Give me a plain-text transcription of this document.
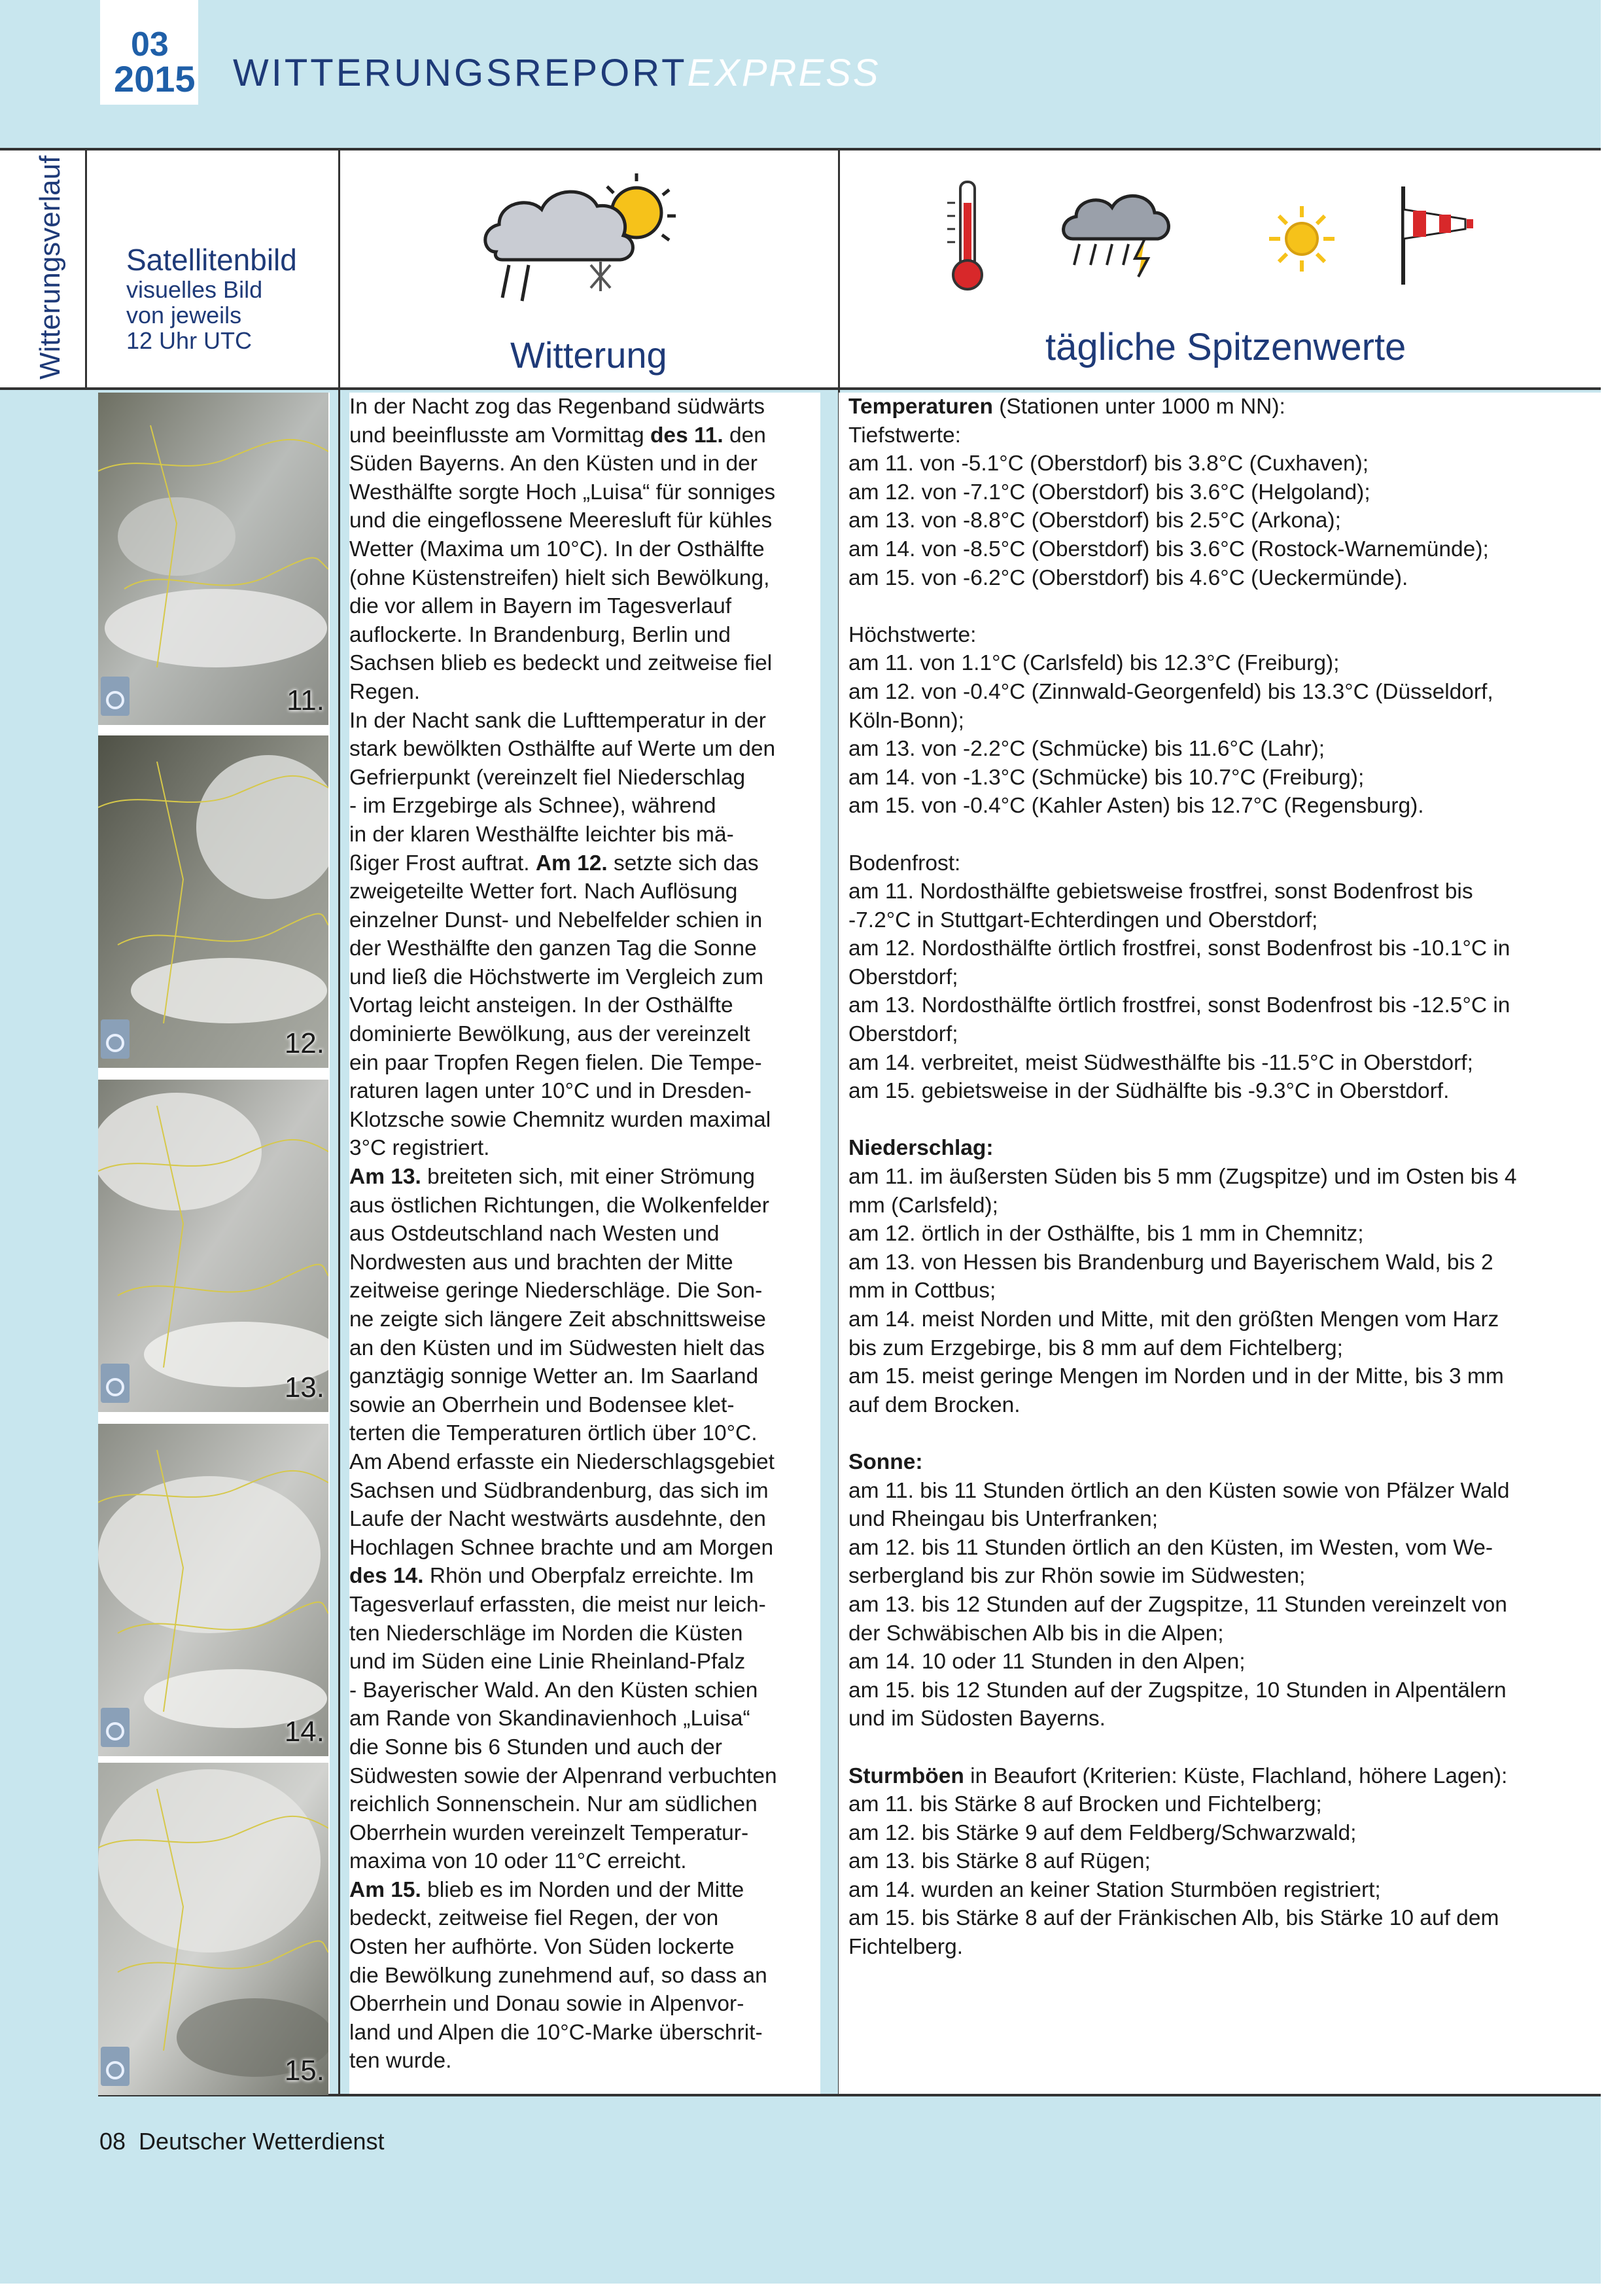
03
2015 WITTERUNGSREPORTEXPRESS
Witterungsverlauf Satellitenbild
visuelles Bild
von jeweils
12 Uhr UTC	Witterung	tägliche Spitzenwerte
11.
12.
13.
14.
15.

In der Nacht zog das Regenband südwärts

und beeinflusste am Vormittag des 11. den

Süden Bayerns. An den Küsten und in der

Westhälfte sorgte Hoch „Luisa“ für sonniges

und die eingeflossene Meeresluft für kühles

Wetter (Maxima um 10°C). In der Osthälfte

(ohne Küstenstreifen) hielt sich Bewölkung,

die vor allem in Bayern im Tagesverlauf

auflockerte. In Brandenburg, Berlin und

Sachsen blieb es bedeckt und zeitweise fiel

Regen.

In der Nacht sank die Lufttemperatur in der

stark bewölkten Osthälfte auf Werte um den

Gefrierpunkt (vereinzelt fiel Niederschlag

- im Erzgebirge als Schnee), während

in der klaren Westhälfte leichter bis mä-

ßiger Frost auftrat. Am 12. setzte sich das

zweigeteilte Wetter fort. Nach Auflösung

einzelner Dunst- und Nebelfelder schien in

der Westhälfte den ganzen Tag die Sonne

und ließ die Höchstwerte im Vergleich zum

Vortag leicht ansteigen. In der Osthälfte

dominierte Bewölkung, aus der vereinzelt

ein paar Tropfen Regen fielen. Die Tempe-

raturen lagen unter 10°C und in Dresden-

Klotzsche sowie Chemnitz wurden maximal

3°C registriert.

Am 13. breiteten sich, mit einer Strömung

aus östlichen Richtungen, die Wolkenfelder

aus Ostdeutschland nach Westen und

Nordwesten aus und brachten der Mitte

zeitweise geringe Niederschläge. Die Son-

ne zeigte sich längere Zeit abschnittsweise

an den Küsten und im Südwesten hielt das

ganztägig sonnige Wetter an. Im Saarland

sowie an Oberrhein und Bodensee klet-

terten die Temperaturen örtlich über 10°C.

Am Abend erfasste ein Niederschlagsgebiet

Sachsen und Südbrandenburg, das sich im

Laufe der Nacht westwärts ausdehnte, den

Hochlagen Schnee brachte und am Morgen

des 14. Rhön und Oberpfalz erreichte. Im

Tagesverlauf erfassten, die meist nur leich-

ten Niederschläge im Norden die Küsten

und im Süden eine Linie Rheinland-Pfalz

- Bayerischer Wald. An den Küsten schien

am Rande von Skandinavienhoch „Luisa“

die Sonne bis 6 Stunden und auch der

Südwesten sowie der Alpenrand verbuchten

reichlich Sonnenschein. Nur am südlichen

Oberrhein wurden vereinzelt Temperatur-

maxima von 10 oder 11°C erreicht.

Am 15. blieb es im Norden und der Mitte

bedeckt, zeitweise fiel Regen, der von

Osten her aufhörte. Von Süden lockerte

die Bewölkung zunehmend auf, so dass an

Oberrhein und Donau sowie in Alpenvor-

land und Alpen die 10°C-Marke überschrit-

ten wurde.

Temperaturen (Stationen unter 1000 m NN):
Tiefstwerte:
am 11. von -5.1°C (Oberstdorf) bis 3.8°C (Cuxhaven);
am 12. von -7.1°C (Oberstdorf) bis 3.6°C (Helgoland);
am 13. von -8.8°C (Oberstdorf) bis 2.5°C (Arkona);
am 14. von -8.5°C (Oberstdorf) bis 3.6°C (Rostock-Warnemünde);
am 15. von -6.2°C (Oberstdorf) bis 4.6°C (Ueckermünde).

Höchstwerte:
am 11. von 1.1°C (Carlsfeld) bis 12.3°C (Freiburg);
am 12. von -0.4°C (Zinnwald-Georgenfeld) bis 13.3°C (Düsseldorf,
Köln-Bonn);
am 13. von -2.2°C (Schmücke) bis 11.6°C (Lahr);
am 14. von -1.3°C (Schmücke) bis 10.7°C (Freiburg);
am 15. von -0.4°C (Kahler Asten) bis 12.7°C (Regensburg).

Bodenfrost:
am 11. Nordosthälfte gebietsweise frostfrei, sonst Bodenfrost bis
-7.2°C in Stuttgart-Echterdingen und Oberstdorf;
am 12. Nordosthälfte örtlich frostfrei, sonst Bodenfrost bis -10.1°C in
Oberstdorf;
am 13. Nordosthälfte örtlich frostfrei, sonst Bodenfrost bis -12.5°C in
Oberstdorf;
am 14. verbreitet, meist Südwesthälfte bis -11.5°C in Oberstdorf;
am 15. gebietsweise in der Südhälfte bis -9.3°C in Oberstdorf.

Niederschlag:
am 11. im äußersten Süden bis 5 mm (Zugspitze) und im Osten bis 4
mm (Carlsfeld);
am 12. örtlich in der Osthälfte, bis 1 mm in Chemnitz;
am 13. von Hessen bis Brandenburg und Bayerischem Wald, bis 2
mm in Cottbus;
am 14. meist Norden und Mitte, mit den größten Mengen vom Harz
bis zum Erzgebirge, bis 8 mm auf dem Fichtelberg;
am 15. meist geringe Mengen im Norden und in der Mitte, bis 3 mm
auf dem Brocken.

Sonne:
am 11. bis 11 Stunden örtlich an den Küsten sowie von Pfälzer Wald
und Rheingau bis Unterfranken;
am 12. bis 11 Stunden örtlich an den Küsten, im Westen, vom We-
serbergland bis zur Rhön sowie im Südwesten;
am 13. bis 12 Stunden auf der Zugspitze, 11 Stunden vereinzelt von
der Schwäbischen Alb bis in die Alpen;
am 14. 10 oder 11 Stunden in den Alpen;
am 15. bis 12 Stunden auf der Zugspitze, 10 Stunden in Alpentälern
und im Südosten Bayerns.

Sturmböen in Beaufort (Kriterien: Küste, Flachland, höhere Lagen):
am 11. bis Stärke 8 auf Brocken und Fichtelberg;
am 12. bis Stärke 9 auf dem Feldberg/Schwarzwald;
am 13. bis Stärke 8 auf Rügen;
am 14. wurden an keiner Station Sturmböen registriert;
am 15. bis Stärke 8 auf der Fränkischen Alb, bis Stärke 10 auf dem
Fichtelberg.

08 Deutscher Wetterdienst
